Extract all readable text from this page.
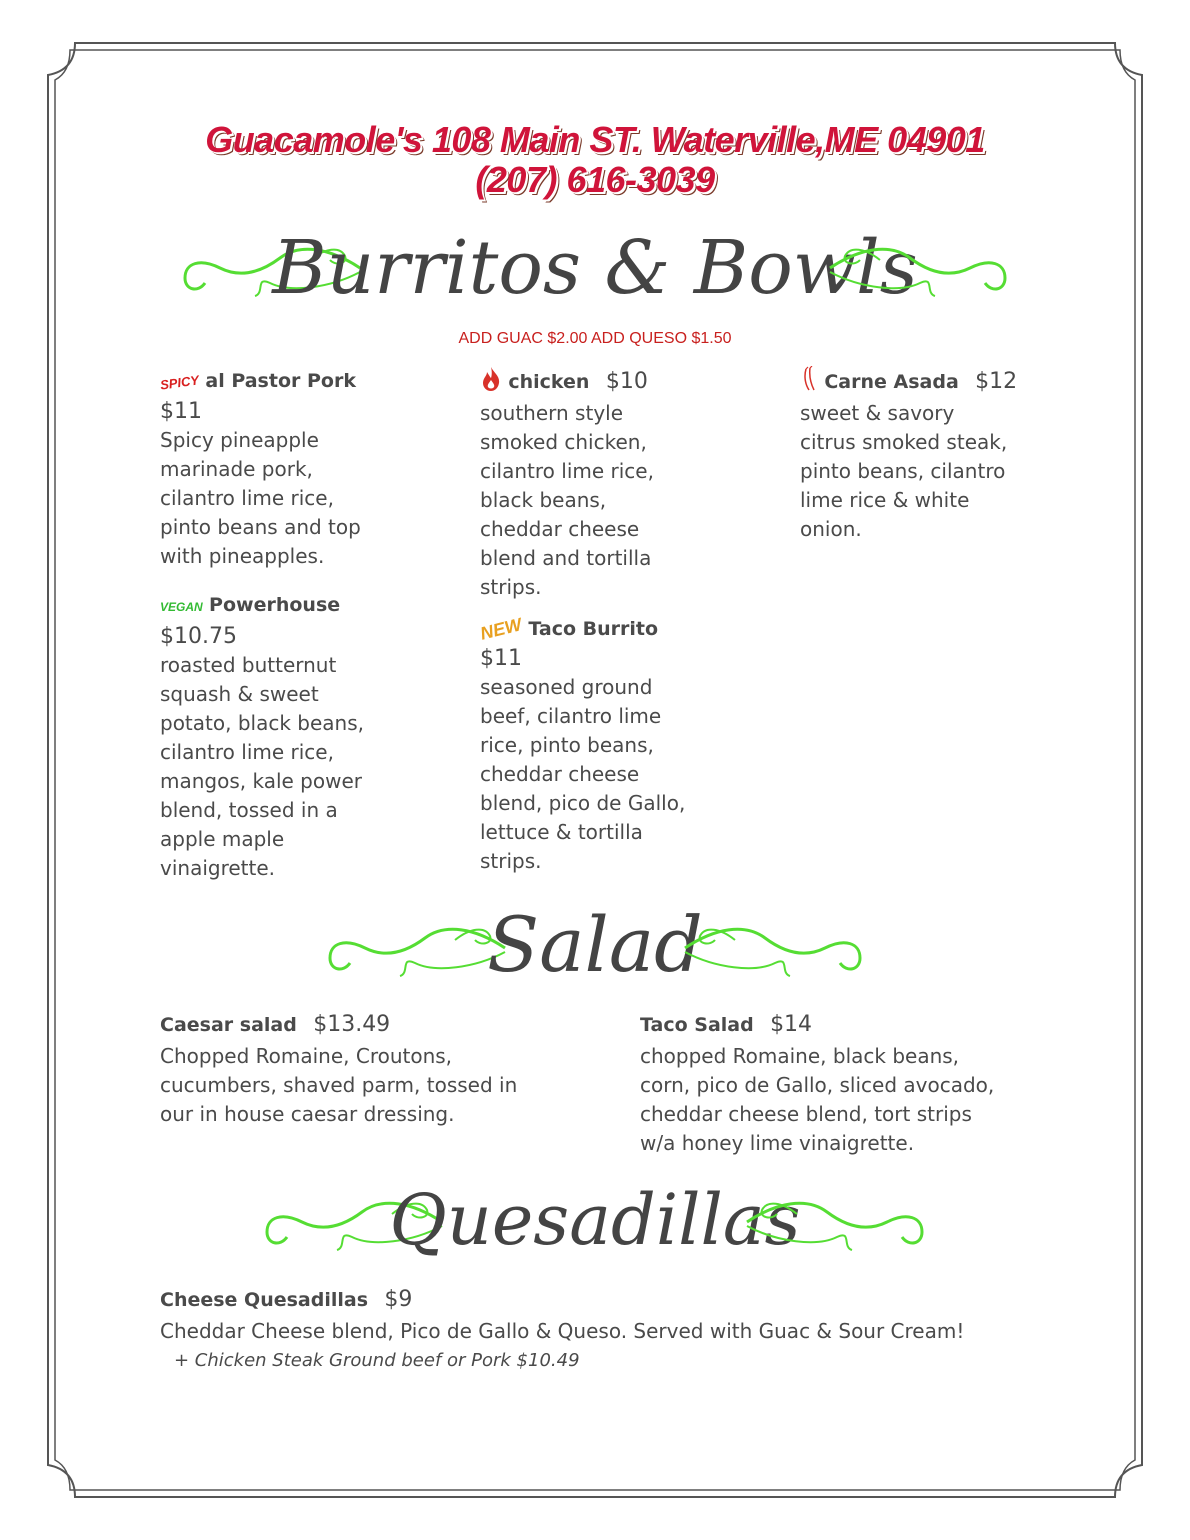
Guacamole's 108 Main ST. Waterville,ME 04901
(207) 616-3039
Burritos & Bowls
ADD GUAC $2.00 ADD QUESO $1.50
SPICY al Pastor Pork
$11
Spicy pineapple
marinade pork,
cilantro lime rice,
pinto beans and top
with pineapples.
VEGAN Powerhouse
$10.75
roasted butternut
squash & sweet
potato, black beans,
cilantro lime rice,
mangos, kale power
blend, tossed in a
apple maple
vinaigrette.
chicken $10
southern style
smoked chicken,
cilantro lime rice,
black beans,
cheddar cheese
blend and tortilla
strips.
NEW Taco Burrito
$11
seasoned ground
beef, cilantro lime
rice, pinto beans,
cheddar cheese
blend, pico de Gallo,
lettuce & tortilla
strips.
Carne Asada $12
sweet & savory
citrus smoked steak,
pinto beans, cilantro
lime rice & white
onion.
Salad
Caesar salad $13.49
Chopped Romaine, Croutons,
cucumbers, shaved parm, tossed in
our in house caesar dressing.
Taco Salad $14
chopped Romaine, black beans,
corn, pico de Gallo, sliced avocado,
cheddar cheese blend, tort strips
w/a honey lime vinaigrette.
Quesadillas
Cheese Quesadillas $9
Cheddar Cheese blend, Pico de Gallo & Queso. Served with Guac & Sour Cream!
+ Chicken Steak Ground beef or Pork $10.49
